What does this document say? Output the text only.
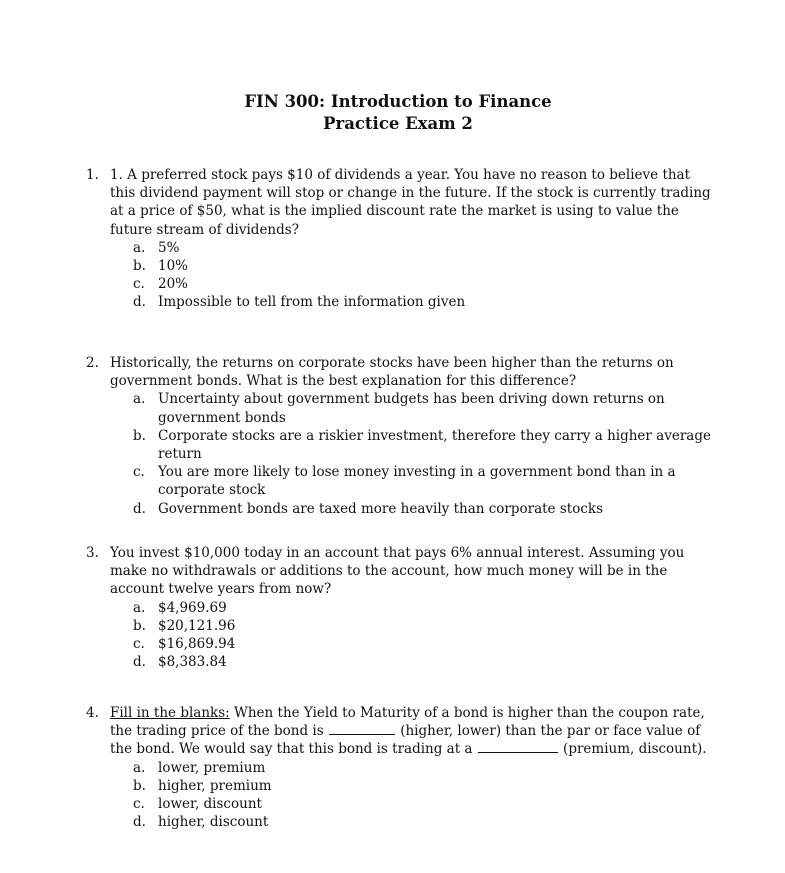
FIN 300: Introduction to Finance
Practice Exam 2
1. 1. A preferred stock pays $10 of dividends a year. You have no reason to believe that this dividend payment will stop or change in the future. If the stock is currently trading at a price of $50, what is the implied discount rate the market is using to value the future stream of dividends?
a. 5%
b. 10%
c. 20%
d. Impossible to tell from the information given
2. Historically, the returns on corporate stocks have been higher than the returns on government bonds. What is the best explanation for this difference?
a. Uncertainty about government budgets has been driving down returns on government bonds
b. Corporate stocks are a riskier investment, therefore they carry a higher average return
c. You are more likely to lose money investing in a government bond than in a corporate stock
d. Government bonds are taxed more heavily than corporate stocks
3. You invest $10,000 today in an account that pays 6% annual interest. Assuming you make no withdrawals or additions to the account, how much money will be in the account twelve years from now?
a. $4,969.69
b. $20,121.96
c. $16,869.94
d. $8,383.84
4. Fill in the blanks: When the Yield to Maturity of a bond is higher than the coupon rate, the trading price of the bond is	(higher, lower) than the par or face value of the bond. We would say that this bond is trading at a	(premium, discount).
a. lower, premium
b. higher, premium
c. lower, discount
d. higher, discount
